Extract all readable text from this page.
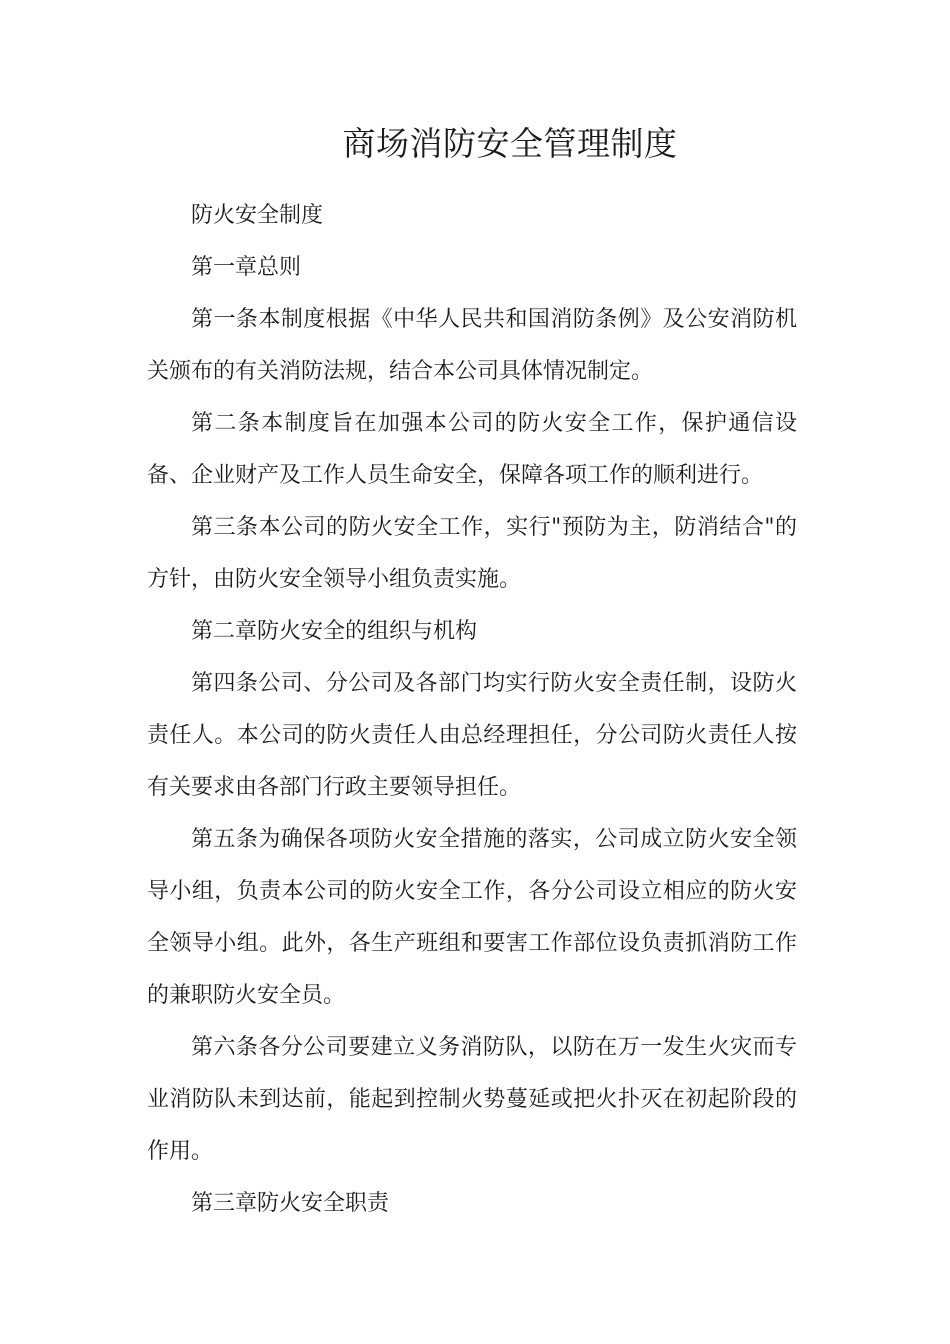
商场消防安全管理制度

防火安全制度

第一章总则

第一条本制度根据《中华人民共和国消防条例》及公安消防机关颁布的有关消防法规，结合本公司具体情况制定。

第二条本制度旨在加强本公司的防火安全工作，保护通信设备、企业财产及工作人员生命安全，保障各项工作的顺利进行。

第三条本公司的防火安全工作，实行"预防为主，防消结合"的方针，由防火安全领导小组负责实施。

第二章防火安全的组织与机构

第四条公司、分公司及各部门均实行防火安全责任制，设防火责任人。本公司的防火责任人由总经理担任，分公司防火责任人按有关要求由各部门行政主要领导担任。

第五条为确保各项防火安全措施的落实，公司成立防火安全领导小组，负责本公司的防火安全工作，各分公司设立相应的防火安全领导小组。此外，各生产班组和要害工作部位设负责抓消防工作的兼职防火安全员。

第六条各分公司要建立义务消防队，以防在万一发生火灾而专业消防队未到达前，能起到控制火势蔓延或把火扑灭在初起阶段的作用。

第三章防火安全职责
